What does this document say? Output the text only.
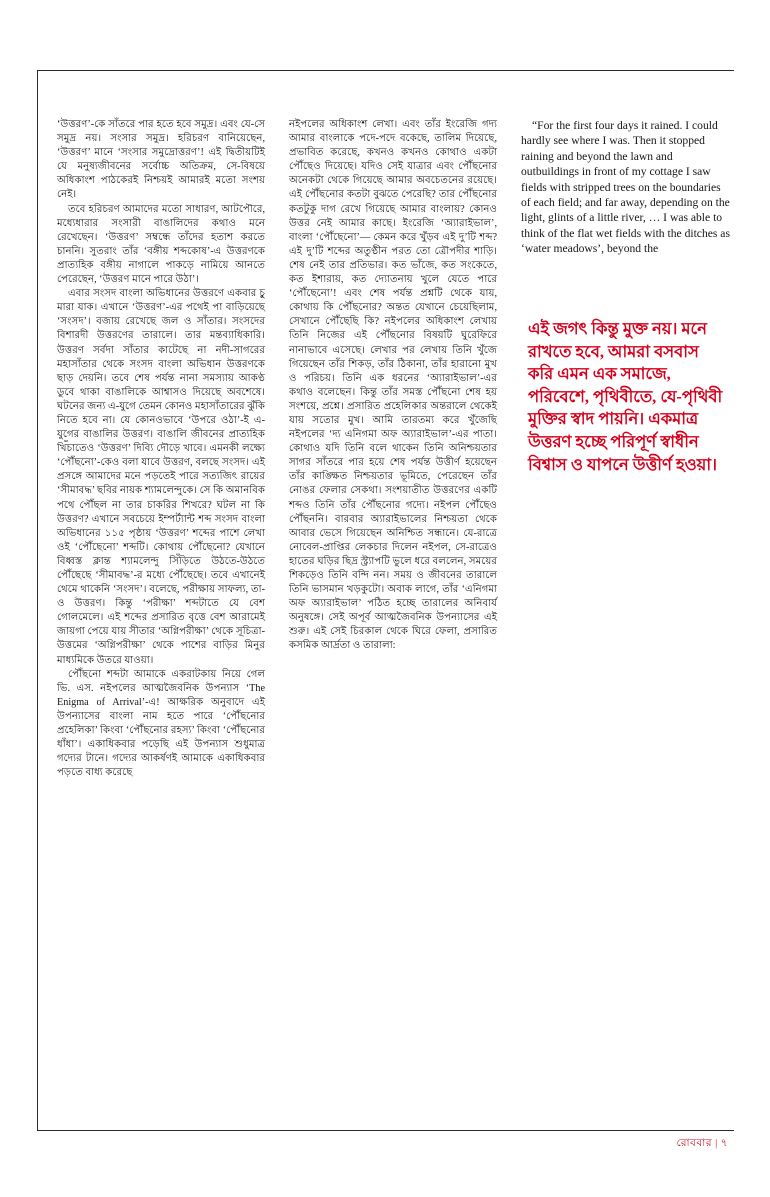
‘উত্তরণ’-কে সাঁতরে পার হতে হবে সমুদ্র। এবং যে-সে সমুদ্র নয়। সংসার সমুদ্র। হরিচরণ বানিয়েছেন, ‘উত্তরণ’ মানে ‘সংসার সমুদ্রোত্তরণ’! এই দ্বিতীয়টিই যে মনুষ্যজীবনের সর্বোচ্চ অতিক্রম, সে-বিষয়ে অধিকাংশ পাঠকেরই নিশ্চয়ই আমারই মতো সংশয় নেই।

তবে হরিচরণ আমাদের মতো সাধারণ, আটপৌরে, মধ্যেধারার সংসারী বাঙালিদের কথাও মনে রেখেছেন। ‘উত্তরণ’ সম্বন্ধে তাঁদের হতাশ করতে চাননি। সুতরাং তাঁর ‘বঙ্গীয় শব্দকোষ’-এ উত্তরণকে প্রাত্যহিক বঙ্গীয় নাগালে পাকড়ে নামিয়ে আনতে পেরেছেন, ‘উত্তরণ মানে পারে উঠা’।

এবার সংসদ বাংলা অভিধানের উত্তরণে একবার চুু মারা যাক। এখানে ‘উত্তরণ’-এর পথেই পা বাড়িয়েছে ‘সংসদ’। বজায় রেখেছে জল ও সাঁতার। সংসদের বিশারদী উত্তরণের তারালে। তার মন্তব্যাধিকারি। উত্তরণ সর্বদা সাঁতার কাটেছে না নদী-সাগরের মহাসাঁতার থেকে সংসদ বাংলা অভিধান উত্তরণকে ছাড় দেয়নি। তবে শেষ পর্যন্ত নানা সমস্যায় আকণ্ঠ ডুবে থাকা বাঙালিকে আশ্বাসও দিয়েছে অবশেষে। ঘটনের জন্য এ-যুগে তেমন কোনও মহাসাঁতারের ঝুঁকি নিতে হবে না। যে কোনওভাবে ‘উপরে ওঠা’-ই এ-যুগের বাঙালির উত্তরণ। বাঙালি জীবনের প্রাত্যহিক খিঁচাতেও ‘উত্তরণ’ দিব্যি দৌড়ে খাবে। এমনকী লক্ষ্যে ‘পৌঁছনো’-কেও বলা যাবে উত্তরণ, বলছে সংসদ। এই প্রসঙ্গে আমাদের মনে পড়তেই পারে সত্যজিৎ রায়ের ‘সীমাবদ্ধ’ ছবির নায়ক শ্যামলেন্দুকে। সে কি অমানবিক পথে পৌঁছল না তার চাকরির শিখরে? ঘটল না কি উত্তরণ? এখানে সবচেয়ে ইম্পর্ট্যান্ট শব্দ সংসদ বাংলা অভিধানের ১১৫ পৃষ্ঠায় ‘উত্তরণ’ শব্দের পাশে লেখা ওই ‘পৌঁছেনো’ শব্দটি। কোথায় পৌঁছেনো? যেখানে বিধ্বস্ত ক্লান্ত শ্যামলেন্দু সিঁড়িতে উঠতে-উঠতে পৌঁছেছে ‘সীমাবদ্ধ’-র মধ্যে পৌঁছেছে। তবে এখানেই থেমে থাকেনি ‘সংসদ’। বলেছে, পরীক্ষায় সাফল্য, তা-ও উত্তরণ। কিন্তু ‘পরীক্ষা’ শব্দটাতে যে বেশ গোলমেলে। এই শব্দের প্রসারিত বৃত্তে বেশ আরামেই জায়গা পেয়ে যায় সীতার ‘অগ্নিপরীক্ষা’ থেকে সূচিত্রা-উত্তমের ‘অগ্নিপরীক্ষা’ থেকে পাশের বাড়ির মিনুর মাধ্যমিকে উতরে যাওয়া।

পৌঁছনো শব্দটা আমাকে একরাটকায় নিয়ে গেল ভি. এস. নইপলের আত্মজৈবনিক উপন্যাস ‘The Enigma of Arrival’-এ! আক্ষরিক অনুবাদে এই উপন্যাসের বাংলা নাম হতে পারে ‘পৌঁছনোর প্রহেলিকা’ কিংবা ‘পৌঁছনোর রহস্য’ কিংবা ‘পৌঁছনোর ধাঁধা’। একাধিকবার পড়েছি এই উপন্যাস শুধুমাত্র গদ্যের টানে। গদ্যের আকর্ষণই আমাকে একাধিকবার পড়তে বাধ্য করেছে

নইপলের অধিকাংশ লেখা। এবং তাঁর ইংরেজি গদ্য আমার বাংলাকে পদে-পদে বকেছে, তালিম দিয়েছে, প্রভাবিত করেছে, কখনও কখনও কোথাও একটা পৌঁছেও দিয়েছে। যদিও সেই যাত্রার এবং পৌঁছনোর অনেকটা থেকে গিয়েছে আমার অবচেতনের রয়েছে। এই পৌঁছনোর কতটা বুঝতে পেরেছি? তার পৌঁছনোর কতটুকু দাগ রেখে গিয়েছে আমার বাংলায়? কোনও উত্তর নেই আমার কাছে। ইংরেজি ‘অ্যারাইভাল’, বাংলা ‘পৌঁছেনো’— কেমন করে খুঁড়ব এই দু’টি শব্দ? এই দু’টি শব্দের অতুণ্ঠীন পরত তো ত্রৌপদীর শাড়ি। শেষ নেই তার প্রতিভার। কত ভাঁজে, কত সংকেতে, কত ইশারায়, কত দ্যোতনায় খুলে যেতে পারে ‘পৌঁছেনো’! এবং শেষ পর্যন্ত প্রশ্নটি থেকে যায়, কোথায় কি পৌঁছনোর? অন্তত যেখানে চেয়েছিলাম, সেখানে পৌঁছেছি কি? নইপলের অধিকাংশ লেখায় তিনি নিজের এই পৌঁছনোর বিষয়টি ঘুরেফিরে নানাভাবে এসেছে। লেখার পর লেখায় তিনি খুঁজে গিয়েছেন তাঁর শিকড়, তাঁর ঠিকানা, তাঁর হারানো মুখ ও পরিচয়। তিনি এক ধরনের ‘অ্যারাইভাল’-এর কথাও বলেছেন। কিন্তু তাঁর সমস্ত পৌঁছনো শেষ হয় সংশয়ে, প্রশ্নে। প্রসারিত প্রহেলিকার অন্তরালে থেকেই যায় সতোর মুখ। আমি তারতম্য করে খুঁজেছি নইপলের ‘দ্য এনিগমা অফ অ্যারাইভাল’-এর পাতা। কোথাও যদি তিনি বলে থাকেন তিনি অনিশ্চয়তার সাগর সাঁতরে পার হয়ে শেষ পর্যন্ত উত্তীর্ণ হয়েছেন তাঁর কাঙ্ক্ষিত নিশ্চয়তার ভূমিতে, পেরেছেন তাঁর নোঙর ফেলার সেকথা। সংশয়াতীত উত্তরণের একটি শব্দও তিনি তাঁর পৌঁছনোর গদ্যে। নইপল পৌঁছেও পৌঁছননি। বারবার অ্যারাইভালের নিশ্চয়তা থেকে আবার ভেসে গিয়েছেন অনিশ্চিত সন্ধানে। যে-রাত্রে নোবেল-প্রাপ্তির লেকচার দিলেন নইপল, সে-রাত্রেও হাতের ঘড়ির ছিদ্র স্ট্র্যাপটি ভুলে ধরে বললেন, সময়ের শিকড়েও তিনি বন্দি নন। সময় ও জীবনের তারালে তিনি ভাসমান খড়কুটো। অবাক লাগে, তাঁর ‘এনিগমা অফ অ্যারাইভাল’ পঠিত হচ্ছে তারালের অনিবার্য অনুষঙ্গে। সেই অপূর্ব আত্মজৈবনিক উপন্যাসের এই শুরু। এই সেই চিরকাল থেকে ঘিরে ফেলা, প্রসারিত কসমিক আর্দ্রতা ও তারালা:

“For the first four days it rained. I could hardly see where I was. Then it stopped raining and beyond the lawn and outbuildings in front of my cottage I saw fields with stripped trees on the boundaries of each field; and far away, depending on the light, glints of a little river, … I was able to think of the flat wet fields with the ditches as ‘water meadows’, beyond the

এই জগৎ কিন্তু মুক্ত নয়। মনে রাখতে হবে, আমরা বসবাস করি এমন এক সমাজে, পরিবেশে, পৃথিবীতে, যে-পৃথিবী মুক্তির স্বাদ পায়নি। একমাত্র উত্তরণ হচ্ছে পরিপূর্ণ স্বাধীন বিশ্বাস ও যাপনে উত্তীর্ণ হওয়া।
রোববার | ৭
